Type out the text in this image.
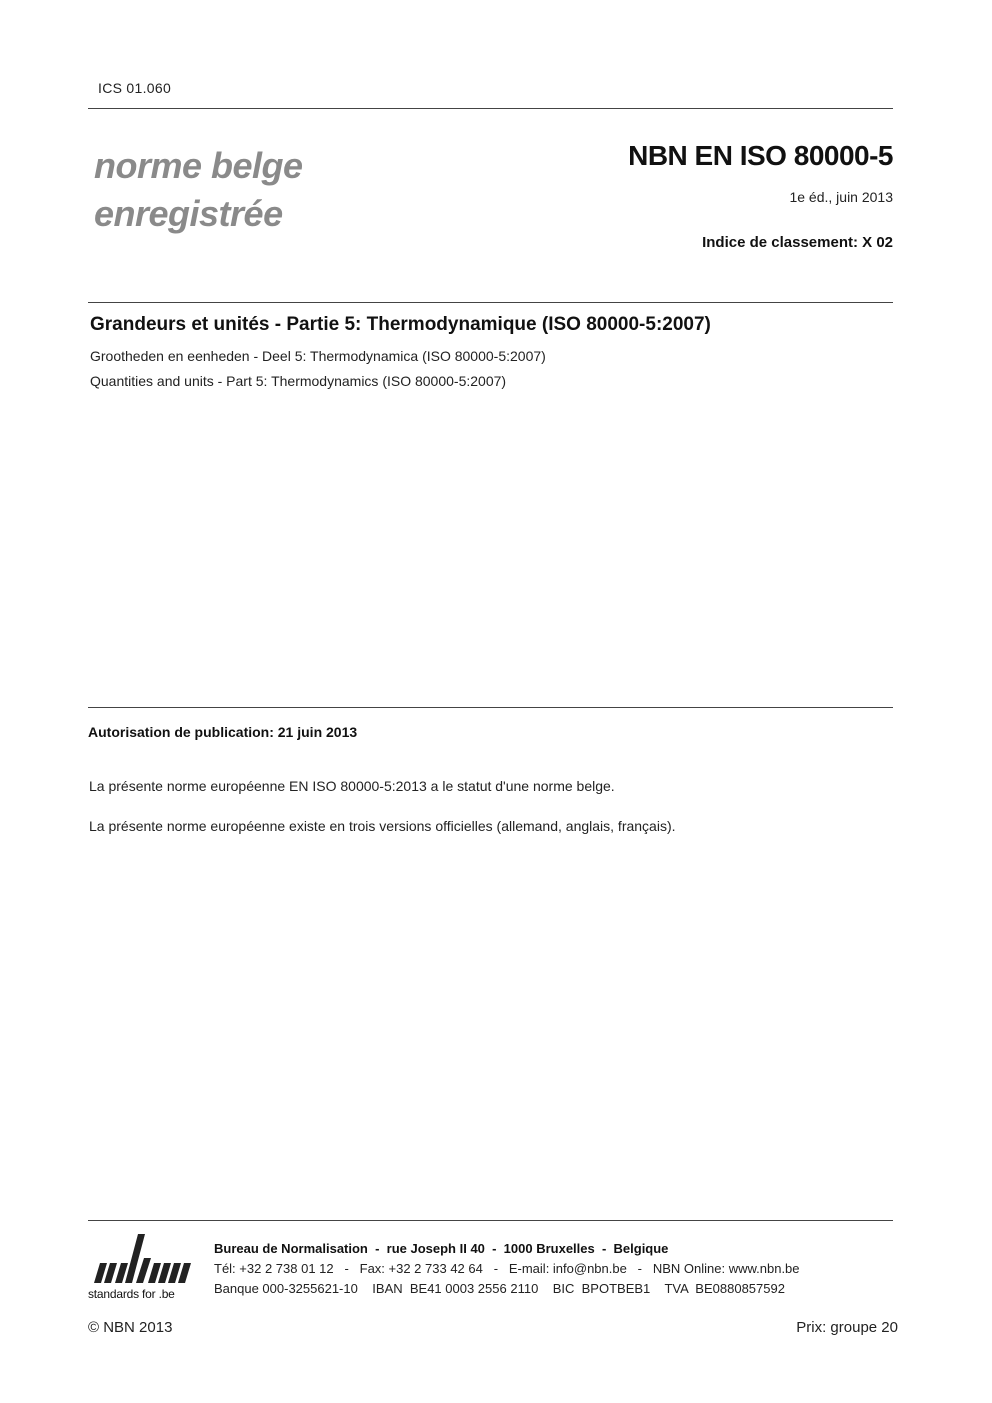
ICS 01.060
norme belge
enregistrée
NBN EN ISO 80000-5
1e éd., juin 2013
Indice de classement: X 02
Grandeurs et unités - Partie 5: Thermodynamique (ISO 80000-5:2007)
Grootheden en eenheden - Deel 5: Thermodynamica (ISO 80000-5:2007)
Quantities and units - Part 5: Thermodynamics (ISO 80000-5:2007)
Autorisation de publication: 21 juin 2013
La présente norme européenne EN ISO 80000-5:2013 a le statut d'une norme belge.
La présente norme européenne existe en trois versions officielles (allemand, anglais, français).
standards for .be
Bureau de Normalisation  -  rue Joseph II 40  -  1000 Bruxelles  -  Belgique
Tél: +32 2 738 01 12   -   Fax: +32 2 733 42 64   -   E-mail: info@nbn.be   -   NBN Online: www.nbn.be
Banque 000-3255621-10    IBAN  BE41 0003 2556 2110    BIC  BPOTBEB1    TVA  BE0880857592
© NBN 2013	Prix: groupe 20
